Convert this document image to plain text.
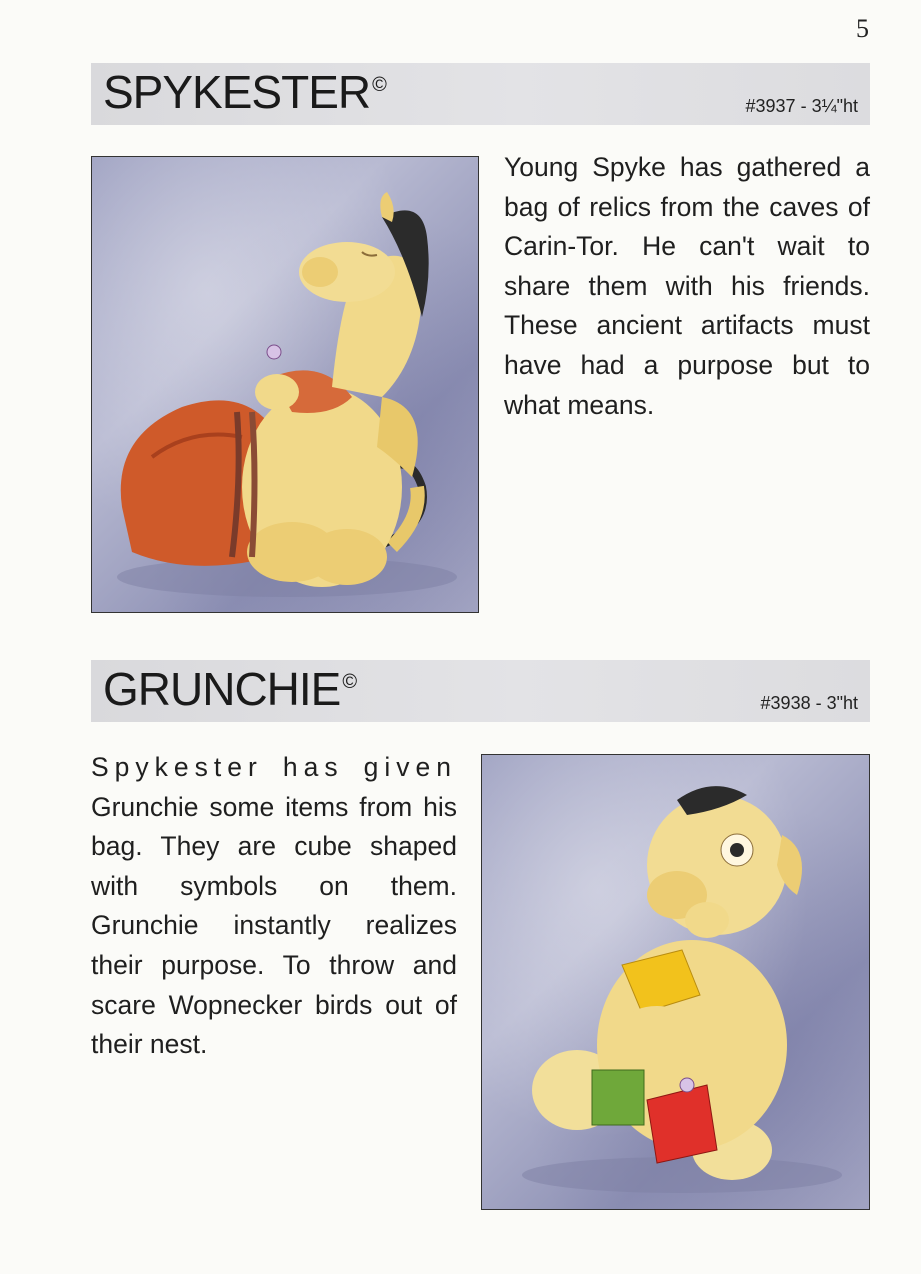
5
SPYKESTER ©
#3937 - 3¼"ht

Young Spyke has gathered a bag of relics from the caves of Carin-Tor. He can't wait to share them with his friends. These ancient artifacts must have had a purpose but to what means.

GRUNCHIE ©
#3938 - 3"ht

Spykester has given Grunchie some items from his bag. They are cube shaped with symbols on them. Grunchie instantly realizes their purpose. To throw and scare Wopnecker birds out of their nest.
